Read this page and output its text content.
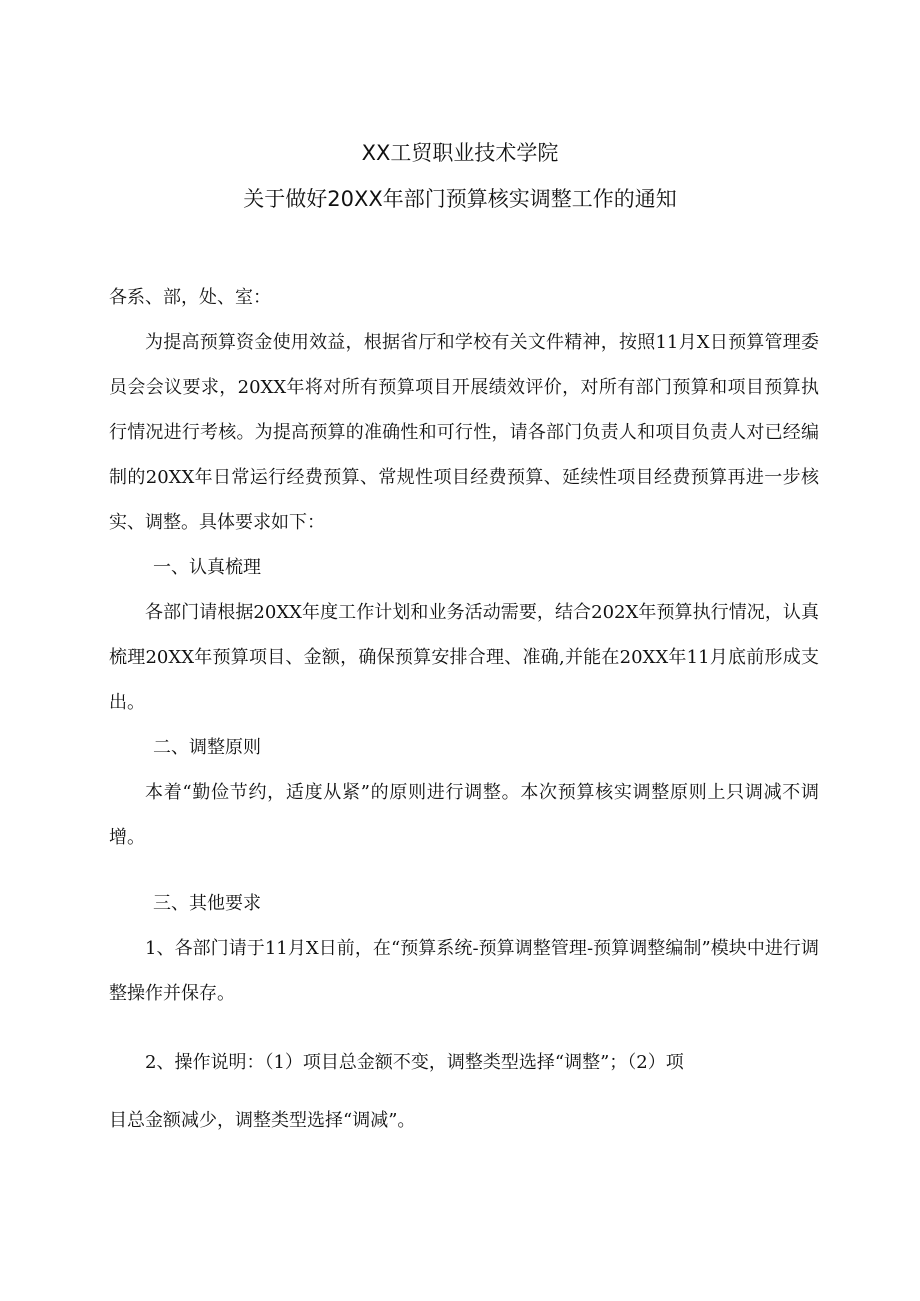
XX工贸职业技术学院
关于做好20XX年部门预算核实调整工作的通知

各系、部，处、室：

为提高预算资金使用效益，根据省厅和学校有关文件精神，按照11月X日预算管理委员会会议要求，20XX年将对所有预算项目开展绩效评价，对所有部门预算和项目预算执行情况进行考核。为提高预算的准确性和可行性，请各部门负责人和项目负责人对已经编制的20XX年日常运行经费预算、常规性项目经费预算、延续性项目经费预算再进一步核实、调整。具体要求如下：

一、认真梳理

各部门请根据20XX年度工作计划和业务活动需要，结合202X年预算执行情况，认真梳理20XX年预算项目、金额，确保预算安排合理、准确,并能在20XX年11月底前形成支出。

二、调整原则

本着“勤俭节约，适度从紧”的原则进行调整。本次预算核实调整原则上只调减不调增。

三、其他要求

1、各部门请于11月X日前，在“预算系统-预算调整管理-预算调整编制”模块中进行调整操作并保存。

2、操作说明：（1）项目总金额不变，调整类型选择“调整”；（2）项
目总金额减少，调整类型选择“调减”。
